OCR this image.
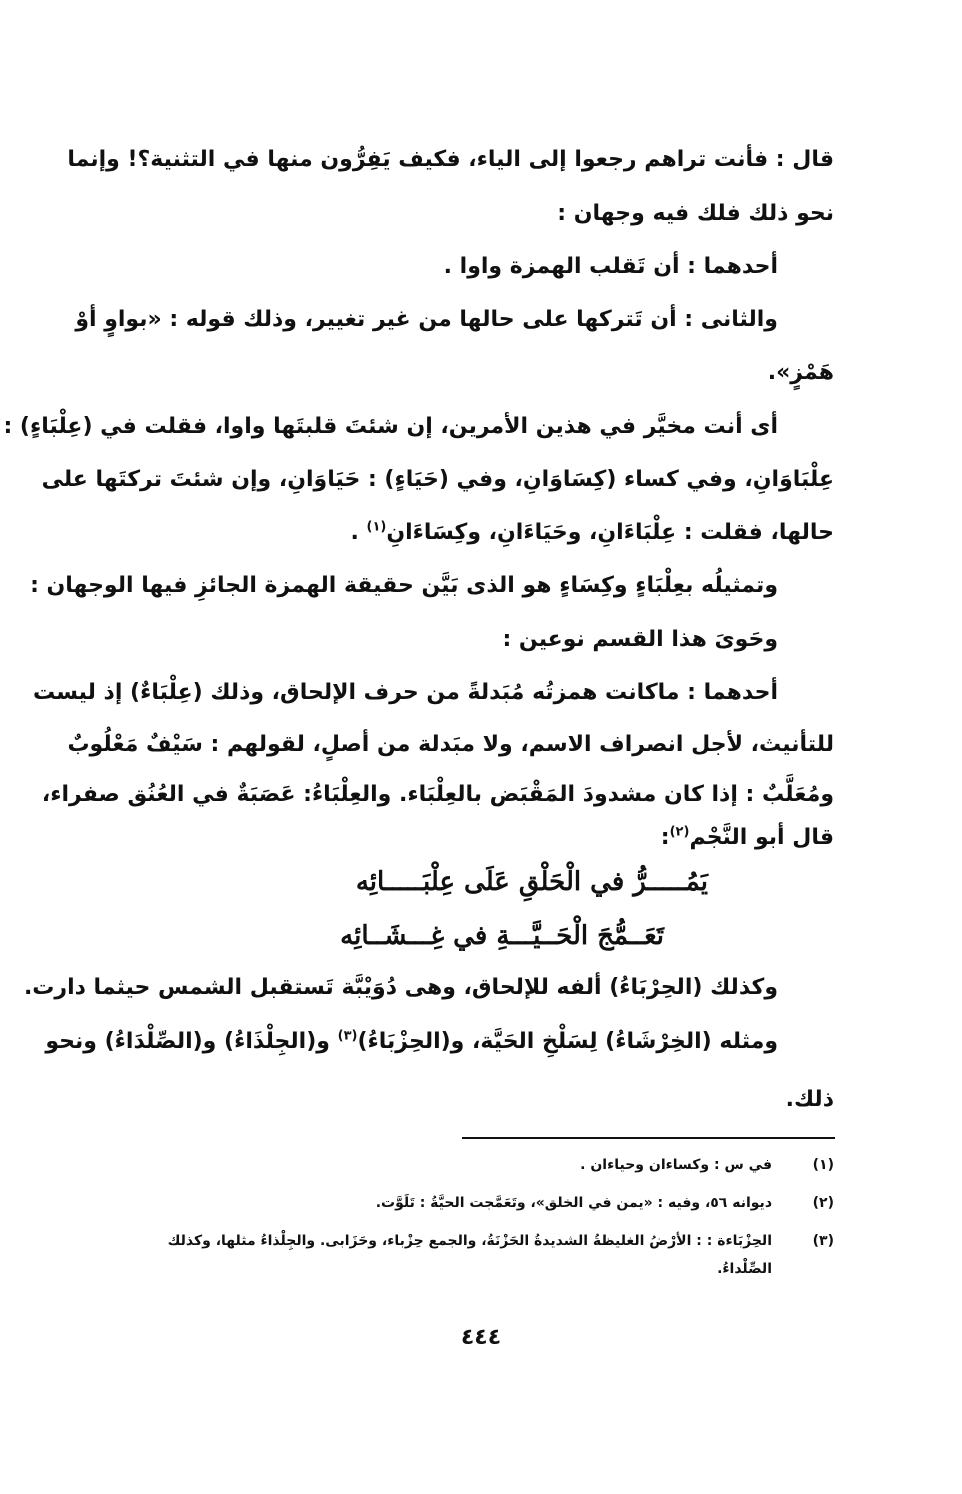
قال : فأنت تراهم رجعوا إلى الياء، فكيف يَفِرُّون منها في التثنية؟! وإنما
نحو ذلك فلك فيه وجهان :
أحدهما : أن تَقلب الهمزة واوا .
والثانى : أن تَتركها على حالها من غير تغيير، وذلك قوله : «بواوٍ أوْ
هَمْزٍ».
أى أنت مخيَّر في هذين الأمرين، إن شئتَ قلبتَها واوا، فقلت في (عِلْبَاءٍ) :
عِلْبَاوَانِ، وفي كساء (كِسَاوَانِ، وفي (حَيَاءٍ) : حَيَاوَانِ، وإن شئتَ تركتَها على
حالها، فقلت : عِلْبَاءَانِ، وحَيَاءَانِ، وكِسَاءَانِ$^{(١)}$ .
وتمثيلُه بعِلْبَاءٍ وكِسَاءٍ هو الذى بَيَّن حقيقة الهمزة الجائزِ فيها الوجهان :
وحَوىَ هذا القسم نوعين :
أحدهما : ماكانت همزتُه مُبَدلةً من حرف الإلحاق، وذلك (عِلْبَاءٌ) إذ ليست
للتأنيث، لأجل انصراف الاسم، ولا مبَدلة من أصلٍ، لقولهم : سَيْفٌ مَعْلُوبٌ
ومُعَلَّبٌ : إذا كان مشدودَ المَقْبَض بالعِلْبَاء. والعِلْبَاءُ: عَصَبَةٌ في العُنُق صفراء،
قال أبو النَّجْم$^{(٢)}$:
يَمُـــــرُّ في الْحَلْقِ عَلَى عِلْبَـــــائِه
تَعَــمُّجَ الْحَــيَّـــةِ في غِـــشَــائِه
وكذلك (الحِرْبَاءُ) ألفه للإلحاق، وهى دُوَيْبَّة تَستقبل الشمس حيثما دارت.
ومثله (الخِرْشَاءُ) لِسَلْخِ الحَيَّة، و(الحِزْبَاءُ)$^{(٣)}$ و(الجِلْذَاءُ) و(الصِّلْدَاءُ) ونحو
ذلك.
(١)
في س : وكساءان وحياءان .
(٢)
ديوانه ٥٦، وفيه : «يمن في الخلق»، وتَعَمَّجت الحيَّةُ : تَلَوَّت.
(٣)
الحِزْبَاءة : : الأرْضُ الغليظةُ الشديدةُ الحَزْنَةُ، والجمع حِزْباء، وحَزَابى. والجِلْذاءُ مثلها، وكذلك
الصِّلْداءُ.
٤٤٤
